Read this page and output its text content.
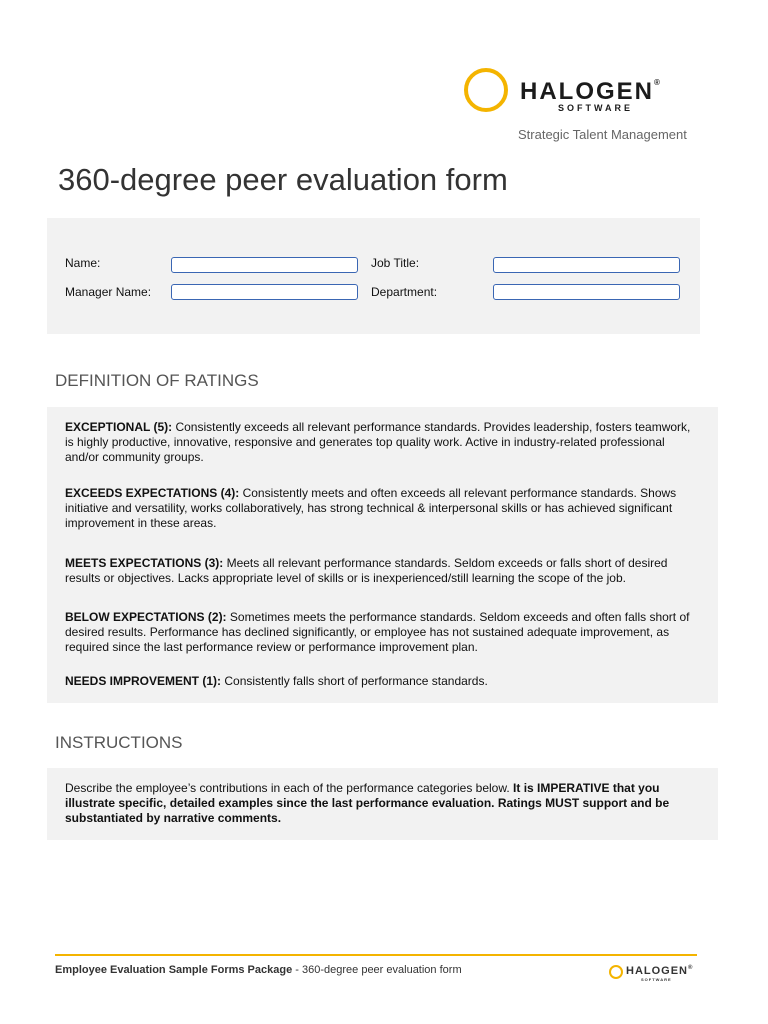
HALOGEN®
SOFTWARE
Strategic Talent Management
360-degree peer evaluation form
Name:	Job Title:
Manager Name:	Department:
DEFINITION OF RATINGS

EXCEPTIONAL (5): Consistently exceeds all relevant performance standards. Provides leadership, fosters teamwork, is highly productive, innovative, responsive and generates top quality work. Active in industry-related professional and/or community groups.

EXCEEDS EXPECTATIONS (4): Consistently meets and often exceeds all relevant performance standards. Shows initiative and versatility, works collaboratively, has strong technical & interpersonal skills or has achieved significant improvement in these areas.

MEETS EXPECTATIONS (3): Meets all relevant performance standards. Seldom exceeds or falls short of desired results or objectives. Lacks appropriate level of skills or is inexperienced/still learning the scope of the job.

BELOW EXPECTATIONS (2): Sometimes meets the performance standards. Seldom exceeds and often falls short of desired results. Performance has declined significantly, or employee has not sustained adequate improvement, as required since the last performance review or performance improvement plan.

NEEDS IMPROVEMENT (1): Consistently falls short of performance standards.

INSTRUCTIONS

Describe the employee’s contributions in each of the performance categories below. It is IMPERATIVE that you illustrate specific, detailed examples since the last performance evaluation. Ratings MUST support and be substantiated by narrative comments.

Employee Evaluation Sample Forms Package - 360-degree peer evaluation form	HALOGEN®
SOFTWARE
